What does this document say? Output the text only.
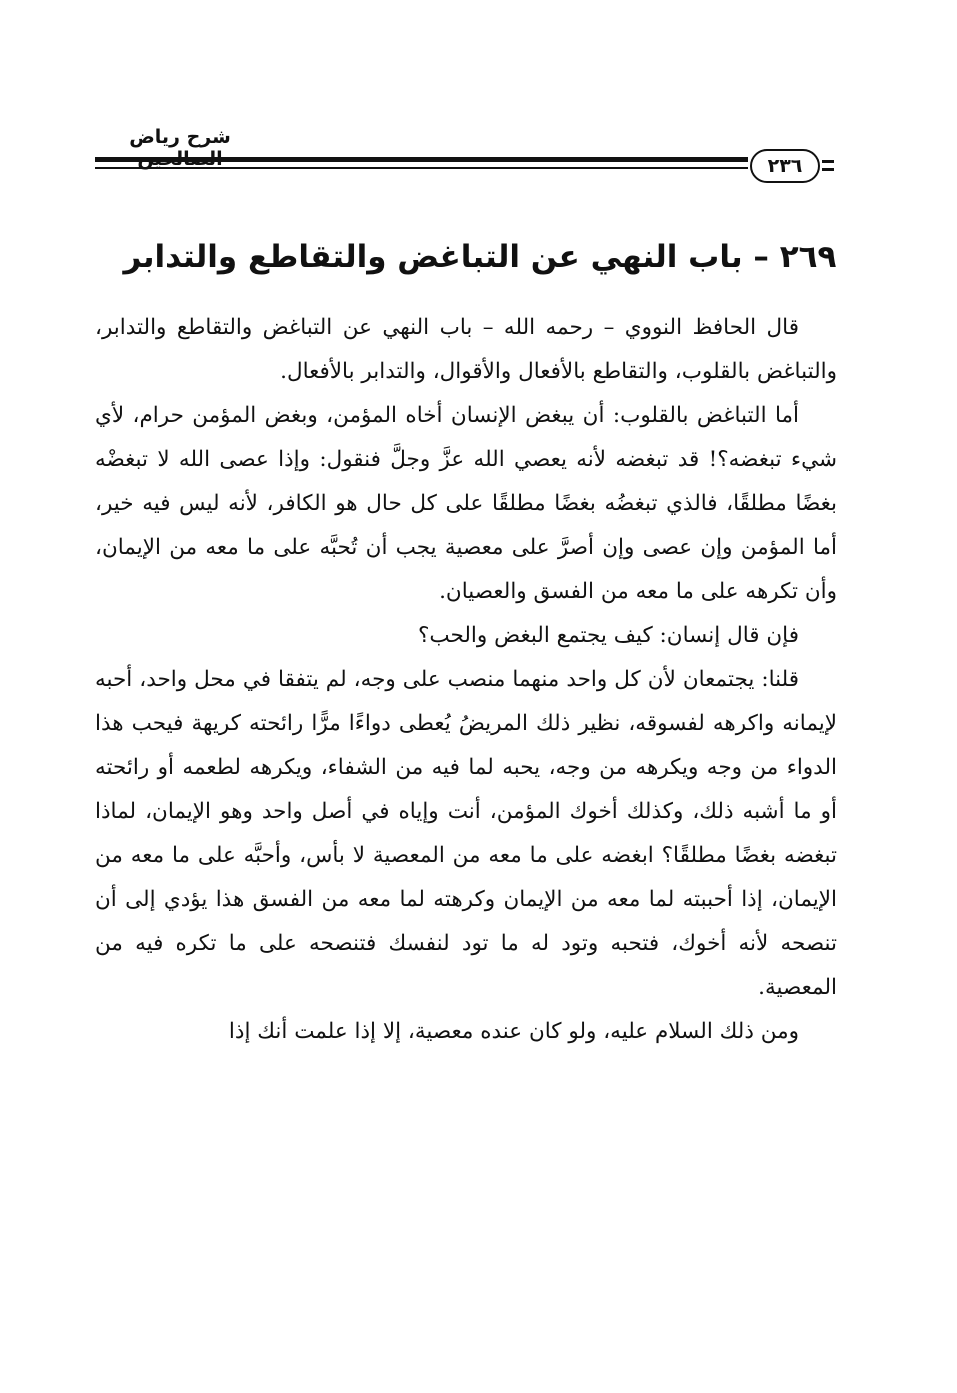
شرح رياض
٢٣٦
٢٦٩ – باب النهي عن التباغض والتقاطع والتدابر

قال الحافظ النووي – رحمه الله – باب النهي عن التباغض والتقاطع والتدابر، والتباغض بالقلوب، والتقاطع بالأفعال والأقوال، والتدابر بالأفعال.

أما التباغض بالقلوب: أن يبغض الإنسان أخاه المؤمن، وبغض المؤمن حرام، لأي شيء تبغضه؟! قد تبغضه لأنه يعصي الله عزَّ وجلَّ فنقول: وإذا عصى الله لا تبغضْه بغضًا مطلقًا، فالذي تبغضُه بغضًا مطلقًا على كل حال هو الكافر، لأنه ليس فيه خير، أما المؤمن وإن عصى وإن أصرَّ على معصية يجب أن تُحبَّه على ما معه من الإيمان، وأن تكرهه على ما معه من الفسق والعصيان.

فإن قال إنسان: كيف يجتمع البغض والحب؟

قلنا: يجتمعان لأن كل واحد منهما منصب على وجه، لم يتفقا في محل واحد، أحبه لإيمانه واكرهه لفسوقه، نظير ذلك المريضُ يُعطى دواءًا مرًّا رائحته كريهة فيحب هذا الدواء من وجه ويكرهه من وجه، يحبه لما فيه من الشفاء، ويكرهه لطعمه أو رائحته أو ما أشبه ذلك، وكذلك أخوك المؤمن، أنت وإياه في أصل واحد وهو الإيمان، لماذا تبغضه بغضًا مطلقًا؟ ابغضه على ما معه من المعصية لا بأس، وأحبَّه على ما معه من الإيمان، إذا أحببته لما معه من الإيمان وكرهته لما معه من الفسق هذا يؤدي إلى أن تنصحه لأنه أخوك، فتحبه وتود له ما تود لنفسك فتنصحه على ما تكره فيه من المعصية.

ومن ذلك السلام عليه، ولو كان عنده معصية، إلا إذا علمت أنك إذا
